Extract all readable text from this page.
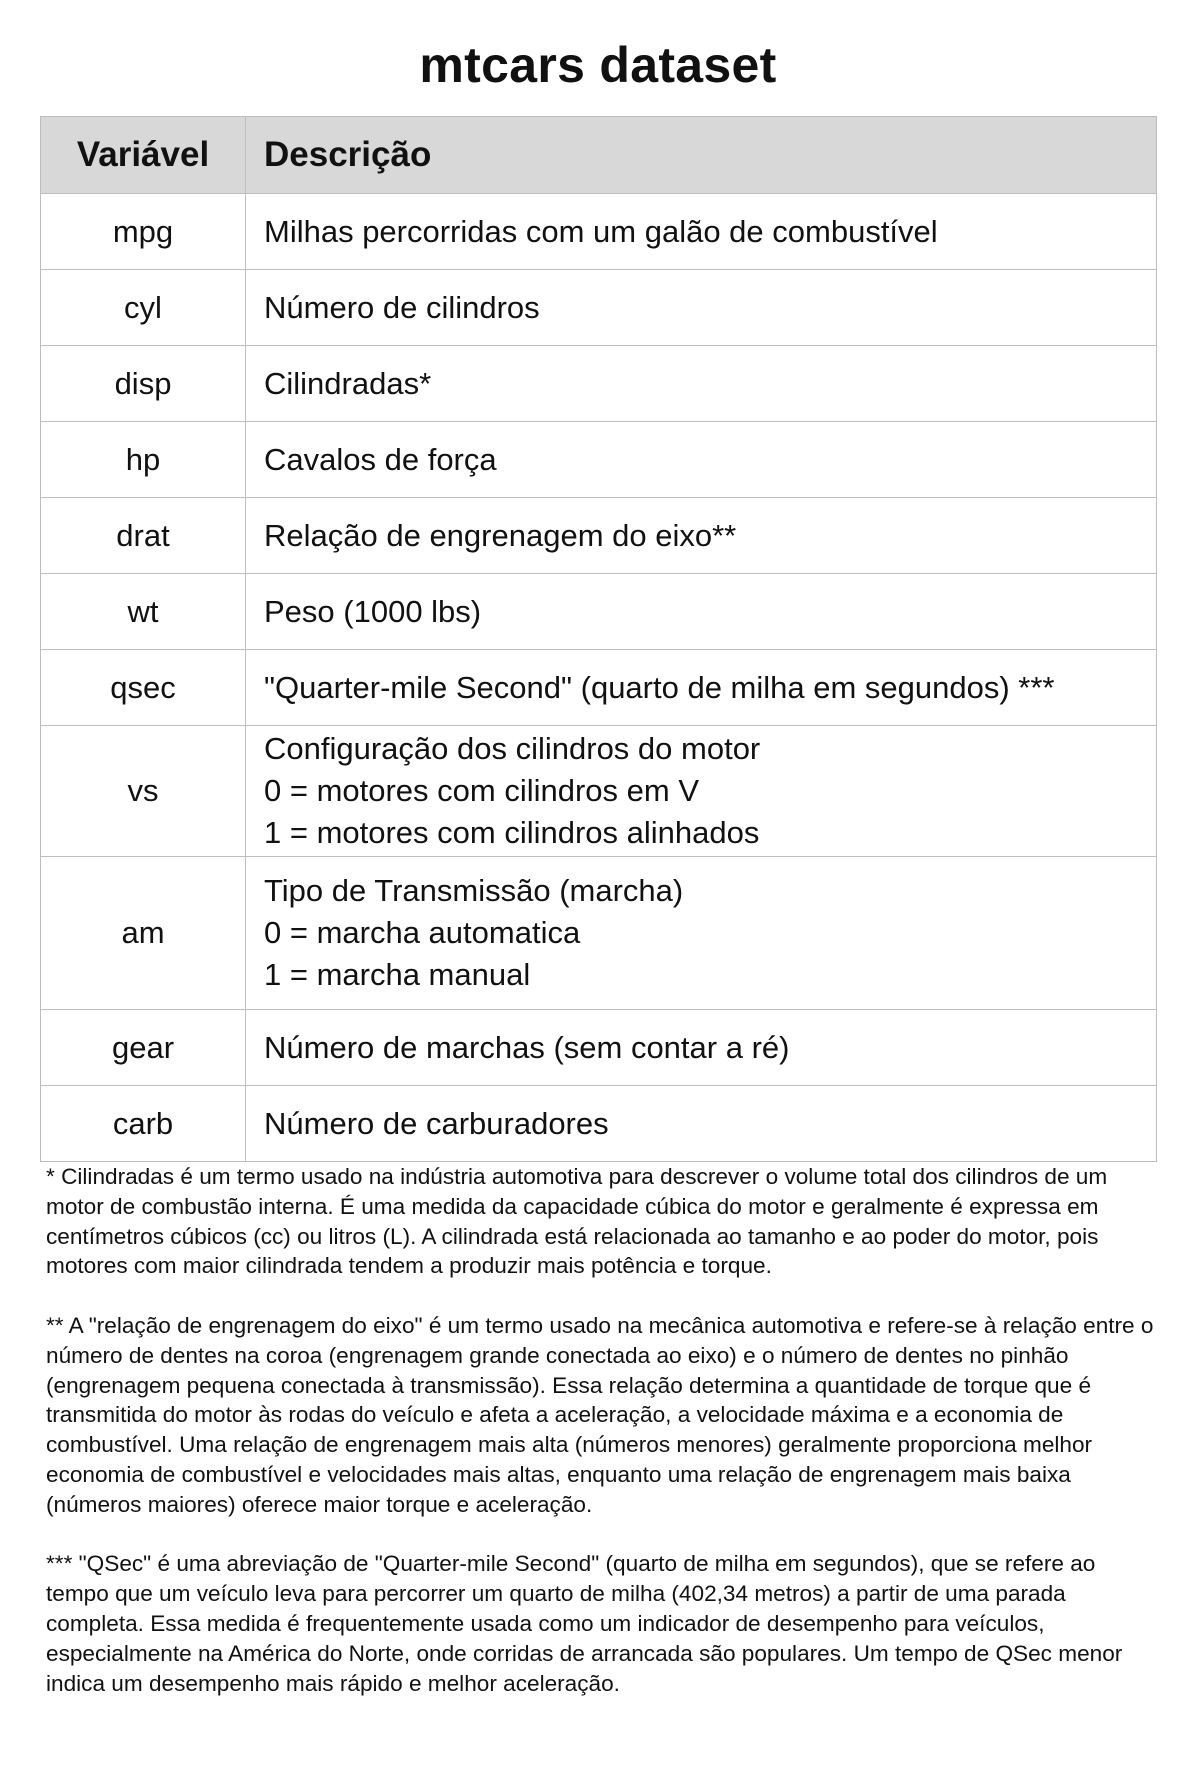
mtcars dataset
Variável	Descrição
mpg	Milhas percorridas com um galão de combustível

cyl	Número de cilindros

disp	Cilindradas*

hp	Cavalos de força

drat	Relação de engrenagem do eixo**

wt	Peso (1000 lbs)

qsec	"Quarter-mile Second" (quarto de milha em segundos) ***

vs	Configuração dos cilindros do motor
0 = motores com cilindros em V
1 = motores com cilindros alinhados

am	Tipo de Transmissão (marcha)
0 = marcha automatica
1 = marcha manual

gear	Número de marchas (sem contar a ré)

carb	Número de carburadores

* Cilindradas é um termo usado na indústria automotiva para descrever o volume total dos cilindros de um motor de combustão interna. É uma medida da capacidade cúbica do motor e geralmente é expressa em centímetros cúbicos (cc) ou litros (L). A cilindrada está relacionada ao tamanho e ao poder do motor, pois motores com maior cilindrada tendem a produzir mais potência e torque.

** A "relação de engrenagem do eixo" é um termo usado na mecânica automotiva e refere-se à relação entre o número de dentes na coroa (engrenagem grande conectada ao eixo) e o número de dentes no pinhão (engrenagem pequena conectada à transmissão). Essa relação determina a quantidade de torque que é transmitida do motor às rodas do veículo e afeta a aceleração, a velocidade máxima e a economia de combustível. Uma relação de engrenagem mais alta (números menores) geralmente proporciona melhor economia de combustível e velocidades mais altas, enquanto uma relação de engrenagem mais baixa (números maiores) oferece maior torque e aceleração.

*** "QSec" é uma abreviação de "Quarter-mile Second" (quarto de milha em segundos), que se refere ao tempo que um veículo leva para percorrer um quarto de milha (402,34 metros) a partir de uma parada completa. Essa medida é frequentemente usada como um indicador de desempenho para veículos, especialmente na América do Norte, onde corridas de arrancada são populares. Um tempo de QSec menor indica um desempenho mais rápido e melhor aceleração.
